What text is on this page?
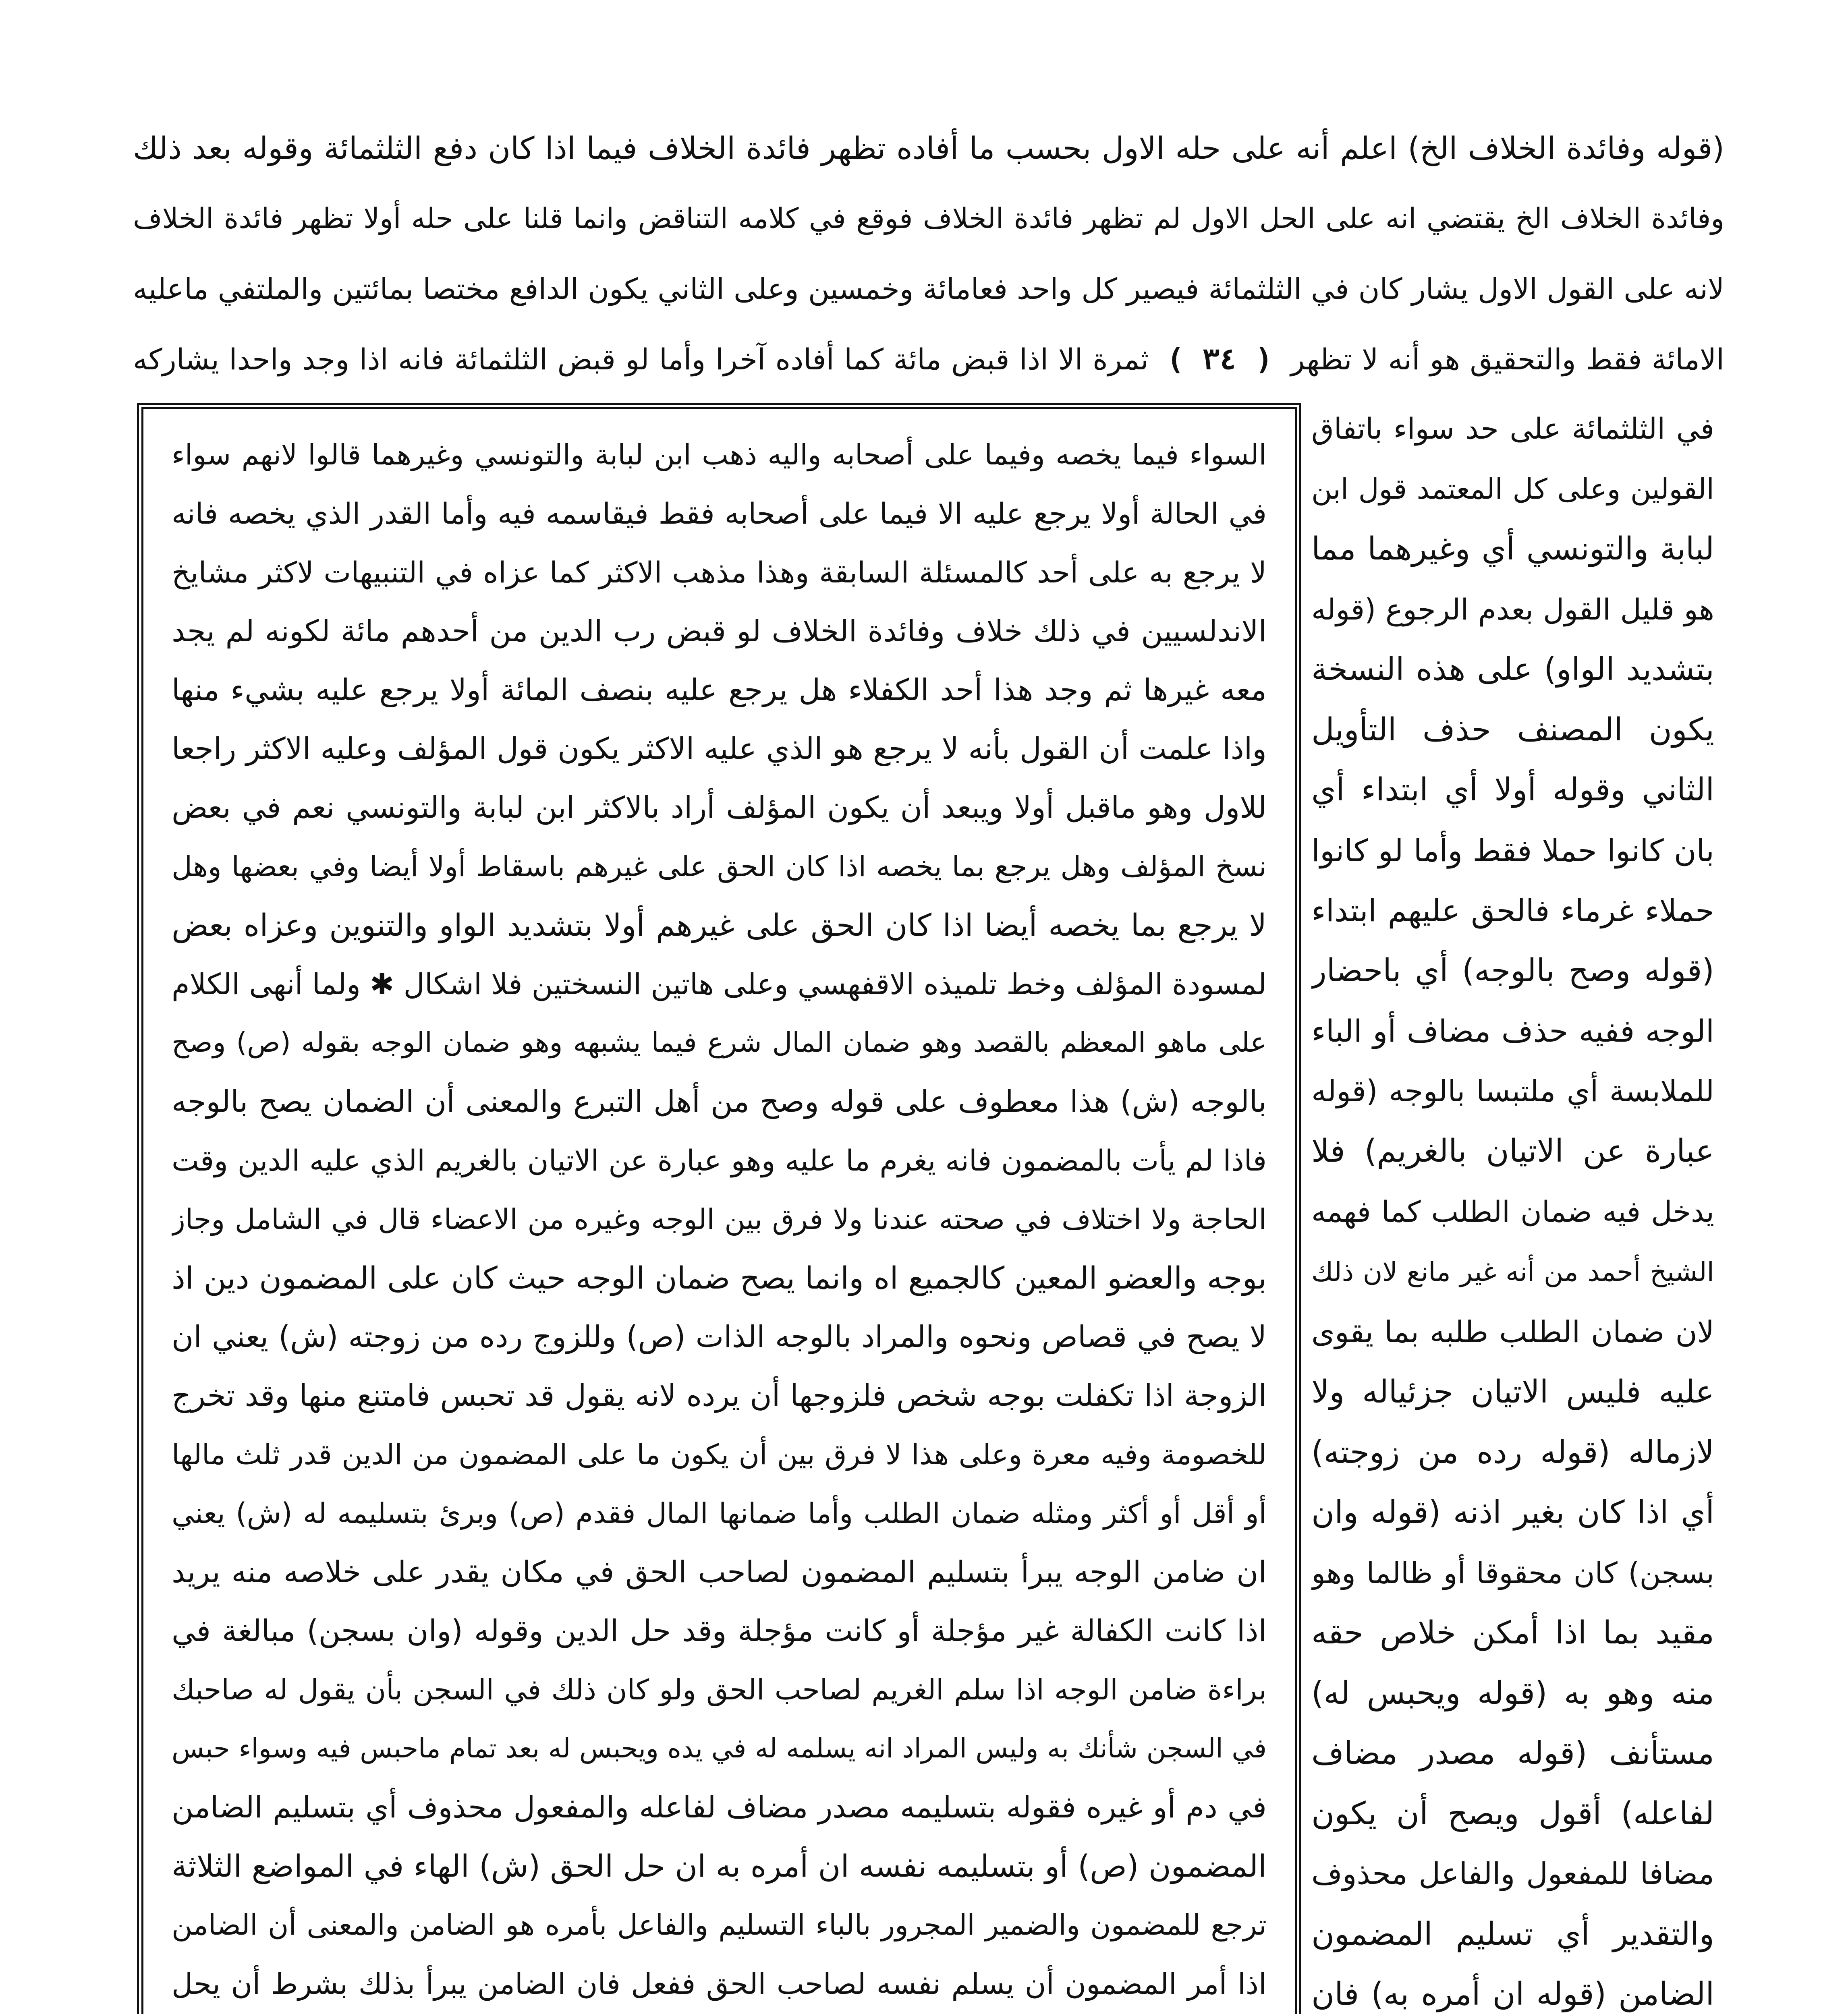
(قوله وفائدة الخلاف الخ) اعلم أنه على حله الاول بحسب ما أفاده تظهر فائدة الخلاف فيما اذا كان دفع الثلثمائة وقوله بعد ذلك
وفائدة الخلاف الخ يقتضي انه على الحل الاول لم تظهر فائدة الخلاف فوقع في كلامه التناقض وانما قلنا على حله أولا تظهر فائدة الخلاف
لانه على القول الاول يشار كان في الثلثمائة فيصير كل واحد فعامائة وخمسين وعلى الثاني يكون الدافع مختصا بمائتين والملتفي ماعليه
الامائة فقط والتحقيق هو أنه لا تظهر ( ٣٤ ) ثمرة الا اذا قبض مائة كما أفاده آخرا وأما لو قبض الثلثمائة فانه اذا وجد واحدا يشاركه
السواء فيما يخصه وفيما على أصحابه واليه ذهب ابن لبابة والتونسي وغيرهما قالوا لانهم سواء
في الحالة أولا يرجع عليه الا فيما على أصحابه فقط فيقاسمه فيه وأما القدر الذي يخصه فانه
لا يرجع به على أحد كالمسئلة السابقة وهذا مذهب الاكثر كما عزاه في التنبيهات لاكثر مشايخ
الاندلسيين في ذلك خلاف وفائدة الخلاف لو قبض رب الدين من أحدهم مائة لكونه لم يجد
معه غيرها ثم وجد هذا أحد الكفلاء هل يرجع عليه بنصف المائة أولا يرجع عليه بشيء منها
واذا علمت أن القول بأنه لا يرجع هو الذي عليه الاكثر يكون قول المؤلف وعليه الاكثر راجعا
للاول وهو ماقبل أولا ويبعد أن يكون المؤلف أراد بالاكثر ابن لبابة والتونسي نعم في بعض
نسخ المؤلف وهل يرجع بما يخصه اذا كان الحق على غيرهم باسقاط أولا أيضا وفي بعضها وهل
لا يرجع بما يخصه أيضا اذا كان الحق على غيرهم أولا بتشديد الواو والتنوين وعزاه بعض
لمسودة المؤلف وخط تلميذه الاقفهسي وعلى هاتين النسختين فلا اشكال ✱ ولما أنهى الكلام
على ماهو المعظم بالقصد وهو ضمان المال شرع فيما يشبهه وهو ضمان الوجه بقوله (ص) وصح
بالوجه (ش) هذا معطوف على قوله وصح من أهل التبرع والمعنى أن الضمان يصح بالوجه
فاذا لم يأت بالمضمون فانه يغرم ما عليه وهو عبارة عن الاتيان بالغريم الذي عليه الدين وقت
الحاجة ولا اختلاف في صحته عندنا ولا فرق بين الوجه وغيره من الاعضاء قال في الشامل وجاز
بوجه والعضو المعين كالجميع اه وانما يصح ضمان الوجه حيث كان على المضمون دين اذ
لا يصح في قصاص ونحوه والمراد بالوجه الذات (ص) وللزوج رده من زوجته (ش) يعني ان
الزوجة اذا تكفلت بوجه شخص فلزوجها أن يرده لانه يقول قد تحبس فامتنع منها وقد تخرج
للخصومة وفيه معرة وعلى هذا لا فرق بين أن يكون ما على المضمون من الدين قدر ثلث مالها
أو أقل أو أكثر ومثله ضمان الطلب وأما ضمانها المال فقدم (ص) وبرئ بتسليمه له (ش) يعني
ان ضامن الوجه يبرأ بتسليم المضمون لصاحب الحق في مكان يقدر على خلاصه منه يريد
اذا كانت الكفالة غير مؤجلة أو كانت مؤجلة وقد حل الدين وقوله (وان بسجن) مبالغة في
براءة ضامن الوجه اذا سلم الغريم لصاحب الحق ولو كان ذلك في السجن بأن يقول له صاحبك
في السجن شأنك به وليس المراد انه يسلمه له في يده ويحبس له بعد تمام ماحبس فيه وسواء حبس
في دم أو غيره فقوله بتسليمه مصدر مضاف لفاعله والمفعول محذوف أي بتسليم الضامن
المضمون (ص) أو بتسليمه نفسه ان أمره به ان حل الحق (ش) الهاء في المواضع الثلاثة
ترجع للمضمون والضمير المجرور بالباء التسليم والفاعل بأمره هو الضامن والمعنى أن الضامن
اذا أمر المضمون أن يسلم نفسه لصاحب الحق ففعل فان الضامن يبرأ بذلك بشرط أن يحل
في الثلثمائة على حد سواء باتفاق
القولين وعلى كل المعتمد قول ابن
لبابة والتونسي أي وغيرهما مما
هو قليل القول بعدم الرجوع (قوله
بتشديد الواو) على هذه النسخة
يكون المصنف حذف التأويل
الثاني وقوله أولا أي ابتداء أي
بان كانوا حملا فقط وأما لو كانوا
حملاء غرماء فالحق عليهم ابتداء
(قوله وصح بالوجه) أي باحضار
الوجه ففيه حذف مضاف أو الباء
للملابسة أي ملتبسا بالوجه (قوله
عبارة عن الاتيان بالغريم) فلا
يدخل فيه ضمان الطلب كما فهمه
الشيخ أحمد من أنه غير مانع لان ذلك
لان ضمان الطلب طلبه بما يقوى
عليه فليس الاتيان جزئياله ولا
لازماله (قوله رده من زوجته)
أي اذا كان بغير اذنه (قوله وان
بسجن) كان محقوقا أو ظالما وهو
مقيد بما اذا أمكن خلاص حقه
منه وهو به (قوله ويحبس له)
مستأنف (قوله مصدر مضاف
لفاعله) أقول ويصح أن يكون
مضافا للمفعول والفاعل محذوف
والتقدير أي تسليم المضمون
الضامن (قوله ان أمره به) فان
